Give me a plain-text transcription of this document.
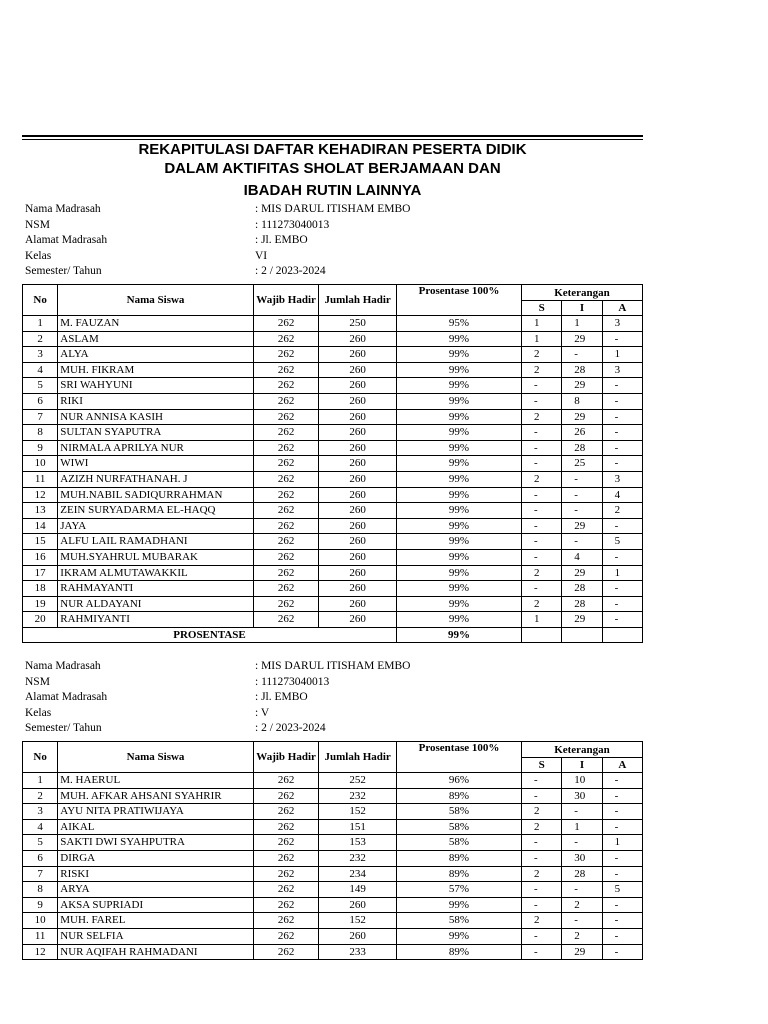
REKAPITULASI DAFTAR KEHADIRAN PESERTA DIDIK
DALAM AKTIFITAS SHOLAT BERJAMAAN DAN
IBADAH RUTIN LAINNYA
Nama Madrasah	: MIS DARUL ITISHAM EMBO
NSM	: 111273040013
Alamat Madrasah	: Jl. EMBO
Kelas	VI
Semester/ Tahun	: 2 / 2023-2024
No	Nama Siswa	Wajib Hadir	Jumlah Hadir	Prosentase 100%	Keterangan		
					S	I	A
1	M. FAUZAN	262	250	95%	1	1	3
2	ASLAM	262	260	99%	1	29	-
3	ALYA	262	260	99%	2	-	1
4	MUH. FIKRAM	262	260	99%	2	28	3
5	SRI WAHYUNI	262	260	99%	-	29	-
6	RIKI	262	260	99%	-	8	-
7	NUR ANNISA KASIH	262	260	99%	2	29	-
8	SULTAN SYAPUTRA	262	260	99%	-	26	-
9	NIRMALA APRILYA NUR	262	260	99%	-	28	-
10	WIWI	262	260	99%	-	25	-
11	AZIZH NURFATHANAH. J	262	260	99%	2	-	3
12	MUH.NABIL SADIQURRAHMAN	262	260	99%	-	-	4
13	ZEIN SURYADARMA EL-HAQQ	262	260	99%	-	-	2
14	JAYA	262	260	99%	-	29	-
15	ALFU LAIL RAMADHANI	262	260	99%	-	-	5
16	MUH.SYAHRUL MUBARAK	262	260	99%	-	4	-
17	IKRAM ALMUTAWAKKIL	262	260	99%	2	29	1
18	RAHMAYANTI	262	260	99%	-	28	-
19	NUR ALDAYANI	262	260	99%	2	28	-
20	RAHMIYANTI	262	260	99%	1	29	-
PROSENTASE				99%			
Nama Madrasah	: MIS DARUL ITISHAM EMBO
NSM	: 111273040013
Alamat Madrasah	: Jl. EMBO
Kelas	: V
Semester/ Tahun	: 2 / 2023-2024
No	Nama Siswa	Wajib Hadir	Jumlah Hadir	Prosentase 100%	Keterangan		
					S	I	A
1	M. HAERUL	262	252	96%	-	10	-
2	MUH. AFKAR AHSANI SYAHRIR	262	232	89%	-	30	-
3	AYU NITA PRATIWIJAYA	262	152	58%	2	-	-
4	AIKAL	262	151	58%	2	1	-
5	SAKTI DWI SYAHPUTRA	262	153	58%	-	-	1
6	DIRGA	262	232	89%	-	30	-
7	RISKI	262	234	89%	2	28	-
8	ARYA	262	149	57%	-	-	5
9	AKSA SUPRIADI	262	260	99%	-	2	-
10	MUH. FAREL	262	152	58%	2	-	-
11	NUR SELFIA	262	260	99%	-	2	-
12	NUR AQIFAH RAHMADANI	262	233	89%	-	29	-
